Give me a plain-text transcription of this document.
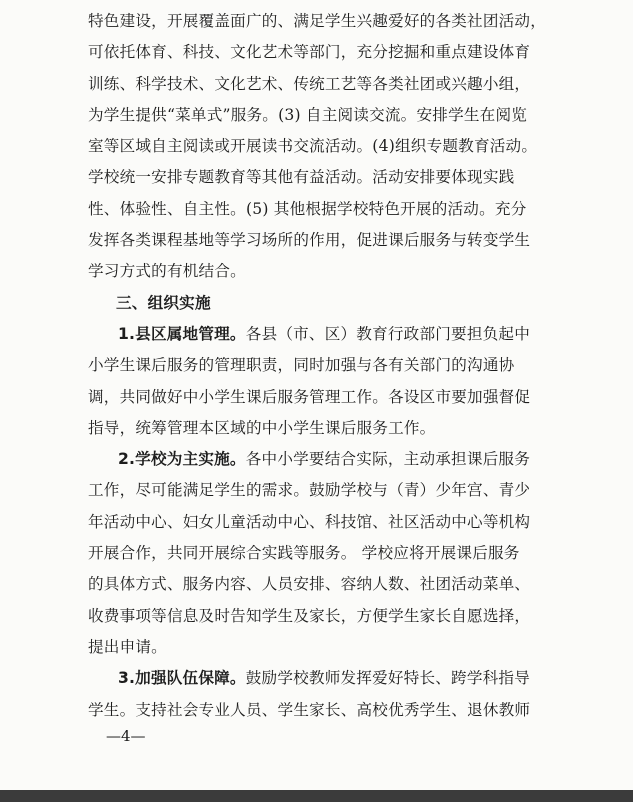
特色建设，开展覆盖面广的、满足学生兴趣爱好的各类社团活动，
可依托体育、科技、文化艺术等部门，充分挖掘和重点建设体育
训练、科学技术、文化艺术、传统工艺等各类社团或兴趣小组，
为学生提供“菜单式”服务。(3) 自主阅读交流。安排学生在阅览
室等区域自主阅读或开展读书交流活动。(4)组织专题教育活动。
学校统一安排专题教育等其他有益活动。活动安排要体现实践
性、体验性、自主性。(5) 其他根据学校特色开展的活动。充分
发挥各类课程基地等学习场所的作用，促进课后服务与转变学生
学习方式的有机结合。
三、组织实施
1.县区属地管理。各县（市、区）教育行政部门要担负起中
小学生课后服务的管理职责，同时加强与各有关部门的沟通协
调，共同做好中小学生课后服务管理工作。各设区市要加强督促
指导，统筹管理本区域的中小学生课后服务工作。
2.学校为主实施。各中小学要结合实际，主动承担课后服务
工作，尽可能满足学生的需求。鼓励学校与（青）少年宫、青少
年活动中心、妇女儿童活动中心、科技馆、社区活动中心等机构
开展合作，共同开展综合实践等服务。 学校应将开展课后服务
的具体方式、服务内容、人员安排、容纳人数、社团活动菜单、
收费事项等信息及时告知学生及家长，方便学生家长自愿选择，
提出申请。
3.加强队伍保障。鼓励学校教师发挥爱好特长、跨学科指导
学生。支持社会专业人员、学生家长、高校优秀学生、退休教师
—4—
